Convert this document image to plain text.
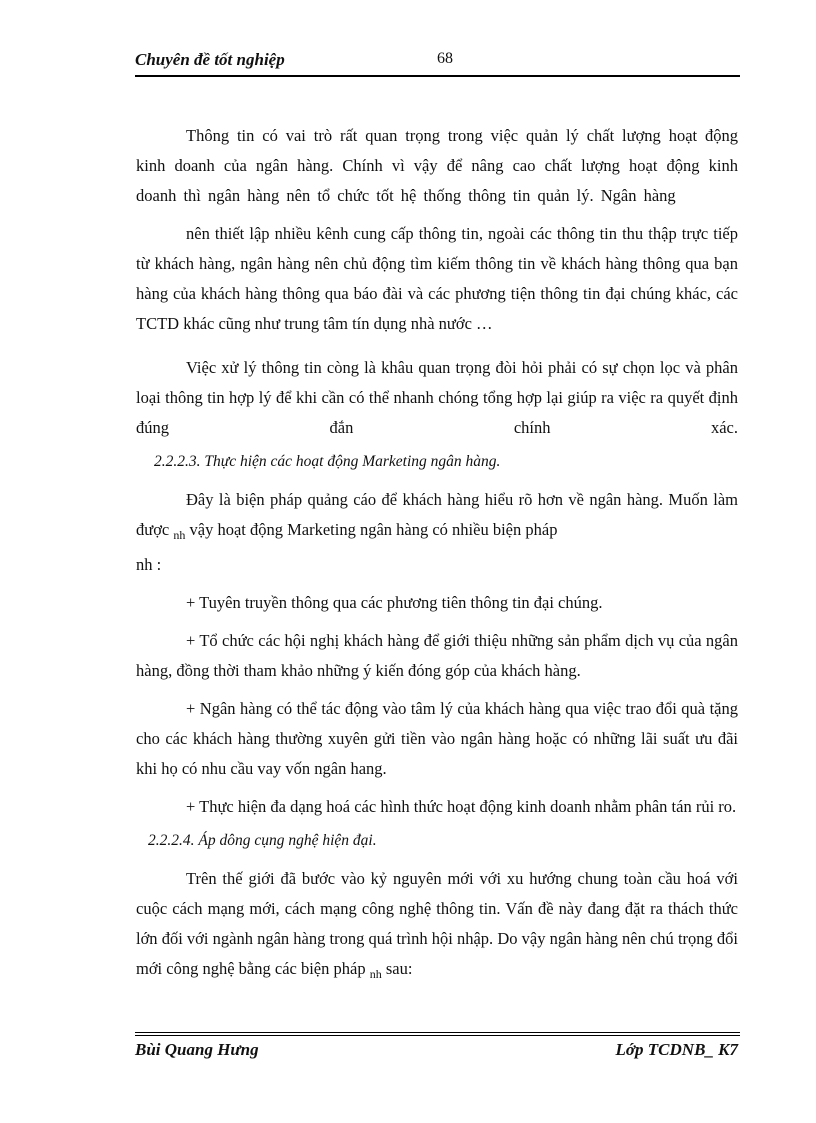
Chuyên đề tốt nghiệp	68

Thông tin có vai trò rất quan trọng trong việc quản lý chất lượng hoạt động kinh doanh của ngân hàng. Chính vì vậy để nâng cao chất lượng hoạt động kinh doanh thì ngân hàng nên tổ chức tốt hệ thống thông tin quản lý. Ngân hàng

nên thiết lập nhiều kênh cung cấp thông tin, ngoài các thông tin thu thập trực tiếp từ khách hàng, ngân hàng nên chủ động tìm kiếm thông tin về khách hàng thông qua bạn hàng của khách hàng thông qua báo đài và các phương tiện thông tin đại chúng khác, các TCTD khác cũng như trung tâm tín dụng nhà nước …

Việc xử lý thông tin còng là khâu quan trọng đòi hỏi phải có sự chọn lọc và phân loại thông tin hợp lý để khi cần có thể nhanh chóng tổng hợp lại giúp ra việc ra quyết định đúng đắn chính xác.

2.2.2.3. Thực hiện các hoạt động Marketing ngân hàng.

Đây là biện pháp quảng cáo để khách hàng hiểu rõ hơn về ngân hàng. Muốn làm được $_{nh}$ vậy hoạt động Marketing ngân hàng có nhiều biện pháp
nh :

+ Tuyên truyền thông qua các phương tiên thông tin đại chúng.

+ Tổ chức các hội nghị khách hàng để giới thiệu những sản phẩm dịch vụ của ngân hàng, đồng thời tham khảo những ý kiến đóng góp của khách hàng.

+ Ngân hàng có thể tác động vào tâm lý của khách hàng qua việc trao đổi quà tặng cho các khách hàng thường xuyên gửi tiền vào ngân hàng hoặc có những lãi suất ưu đãi khi họ có nhu cầu vay vốn ngân hang.

+ Thực hiện đa dạng hoá các hình thức hoạt động kinh doanh nhằm phân tán rủi ro.

2.2.2.4. Áp dông cụng nghệ hiện đại.

Trên thế giới đã bước vào kỷ nguyên mới với xu hướng chung toàn cầu hoá với cuộc cách mạng mới, cách mạng công nghệ thông tin. Vấn đề này đang đặt ra thách thức lớn đối với ngành ngân hàng trong quá trình hội nhập. Do vậy ngân hàng nên chú trọng đổi mới công nghệ bằng các biện pháp $_{nh}$ sau:

Bùi Quang Hưng	Lớp TCDNB_ K7
